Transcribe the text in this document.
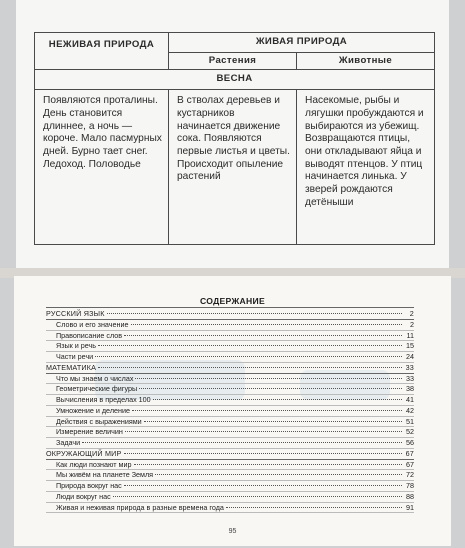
НЕЖИВАЯ ПРИРОДА	ЖИВАЯ ПРИРОДА	
	Растения	Животные
ВЕСНА		
Появляются проталины. День становится длиннее, а ночь — короче. Мало пасмурных дней. Бурно тает снег. Ледоход. Половодье	В стволах деревьев и кустарников начинается движение сока. Появляются первые листья и цветы. Происходит опыление растений	Насекомые, рыбы и лягушки пробуждаются и выбираются из убежищ. Возвращаются птицы, они откладывают яйца и выводят птенцов. У птиц начинается линька. У зверей рождаются детёныши
СОДЕРЖАНИЕ
РУССКИЙ ЯЗЫК	2
Слово и его значение	2
Правописание слов	11
Язык и речь	15
Части речи	24
МАТЕМАТИКА	33
Что мы знаем о числах	33
Геометрические фигуры	38
Вычисления в пределах 100	41
Умножение и деление	42
Действия с выражениями	51
Измерение величин	52
Задачи	56
ОКРУЖАЮЩИЙ МИР	67
Как люди познают мир	67
Мы живём на планете Земля	72
Природа вокруг нас	78
Люди вокруг нас	88
Живая и неживая природа в разные времена года	91
95
